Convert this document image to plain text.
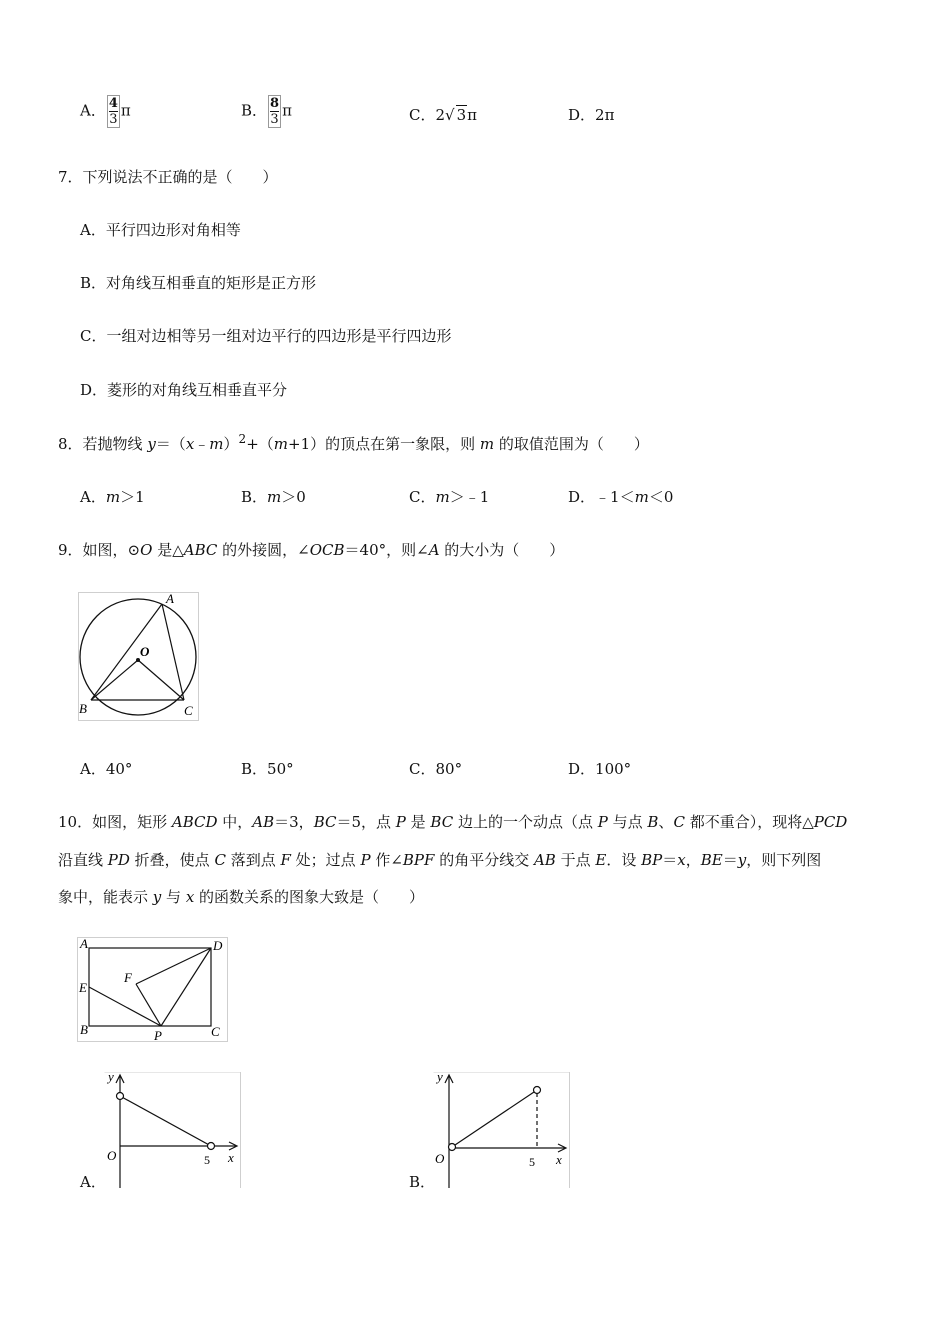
A． $\frac{4}{3}$ π	B． $\frac{8}{3}$ π	C．2√ 3π	D．2π
7．下列说法不正确的是（　　）
A．平行四边形对角相等
B．对角线互相垂直的矩形是正方形
C．一组对边相等另一组对边平行的四边形是平行四边形
D．菱形的对角线互相垂直平分
8．若抛物线 y＝（x﹣m）$^2$+（m+1）的顶点在第一象限，则 m 的取值范围为（　　）
A．m＞1	B．m＞0	C．m＞﹣1	D．﹣1＜m＜0
9．如图，⊙O 是△ABC 的外接圆，∠OCB＝40°，则∠A 的大小为（　　）
A
O
B	C
A．40°	B．50°	C．80°	D．100°
10．如图，矩形 ABCD 中，AB＝3，BC＝5，点 P 是 BC 边上的一个动点（点 P 与点 B、C 都不重合），现将△PCD
沿直线 PD 折叠，使点 C 落到点 F 处；过点 P 作∠BPF 的角平分线交 AB 于点 E．设 BP＝x，BE＝y，则下列图
象中，能表示 y 与 x 的函数关系的图象大致是（　　）
A	D
F
E
B	P	C
A．
y
O	5 x
B．
y
O	5 x
